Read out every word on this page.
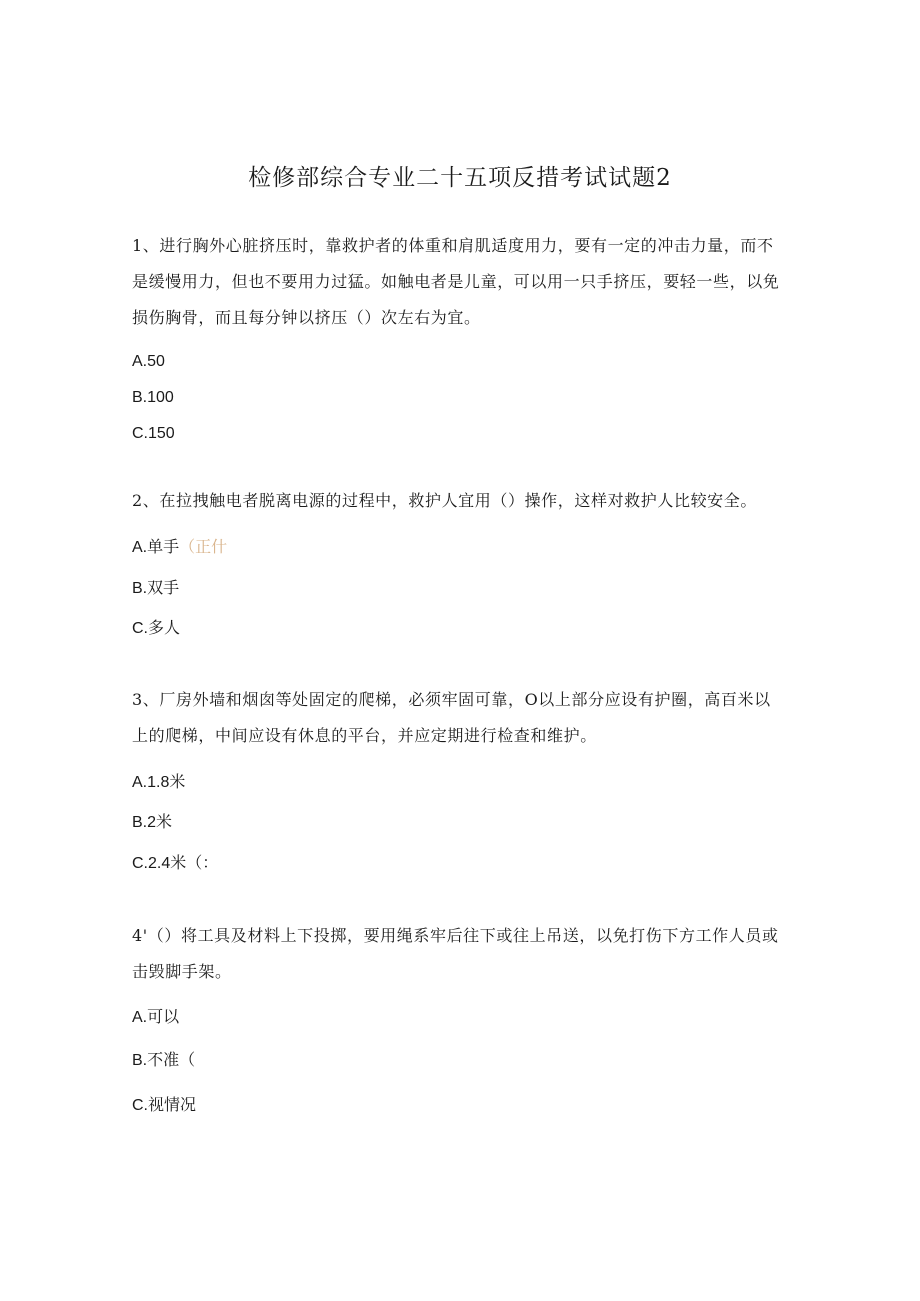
检修部综合专业二十五项反措考试试题2
1、进行胸外心脏挤压时，靠救护者的体重和肩肌适度用力，要有一定的冲击力量，而不是缓慢用力，但也不要用力过猛。如触电者是儿童，可以用一只手挤压，要轻一些，以免损伤胸骨，而且每分钟以挤压（）次左右为宜。
A.50
B.100
C.150
2、在拉拽触电者脱离电源的过程中，救护人宜用（）操作，这样对救护人比较安全。
A.单手（正什
B.双手
C.多人
3、厂房外墙和烟囱等处固定的爬梯，必须牢固可靠，O以上部分应设有护圈，高百米以上的爬梯，中间应设有休息的平台，并应定期进行检查和维护。
A.1.8米
B.2米
C.2.4米（：
4'（）将工具及材料上下投掷，要用绳系牢后往下或往上吊送，以免打伤下方工作人员或击毁脚手架。
A.可以
B.不准（
C.视情况
